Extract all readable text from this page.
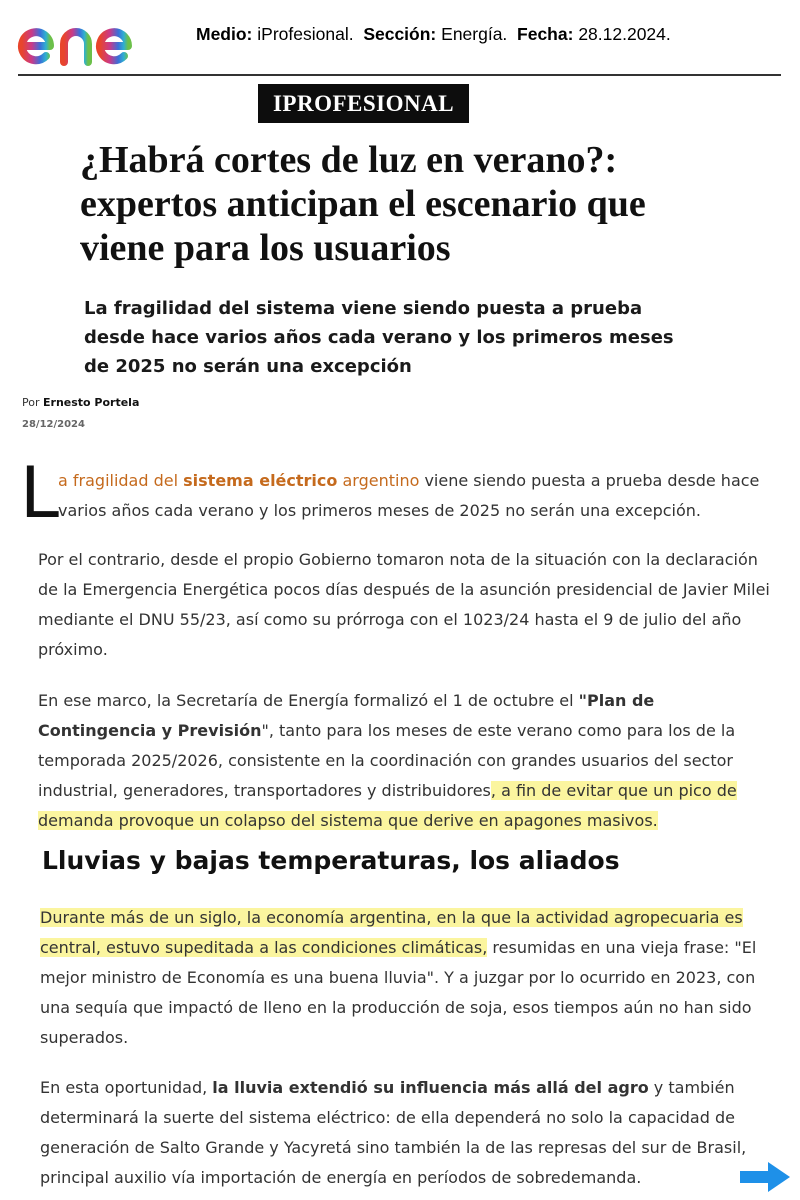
Medio: iProfesional. Sección: Energía. Fecha: 28.12.2024.
IPROFESIONAL
¿Habrá cortes de luz en verano?: expertos anticipan el escenario que viene para los usuarios

La fragilidad del sistema viene siendo puesta a prueba desde hace varios años cada verano y los primeros meses de 2025 no serán una excepción

Por Ernesto Portela
28/12/2024
L a fragilidad del sistema eléctrico argentino viene siendo puesta a prueba desde hace varios años cada verano y los primeros meses de 2025 no serán una excepción.

Por el contrario, desde el propio Gobierno tomaron nota de la situación con la declaración de la Emergencia Energética pocos días después de la asunción presidencial de Javier Milei mediante el DNU 55/23, así como su prórroga con el 1023/24 hasta el 9 de julio del año próximo.

En ese marco, la Secretaría de Energía formalizó el 1 de octubre el "Plan de Contingencia y Previsión", tanto para los meses de este verano como para los de la temporada 2025/2026, consistente en la coordinación con grandes usuarios del sector industrial, generadores, transportadores y distribuidores, a fin de evitar que un pico de demanda provoque un colapso del sistema que derive en apagones masivos.

Lluvias y bajas temperaturas, los aliados

Durante más de un siglo, la economía argentina, en la que la actividad agropecuaria es central, estuvo supeditada a las condiciones climáticas, resumidas en una vieja frase: "El mejor ministro de Economía es una buena lluvia". Y a juzgar por lo ocurrido en 2023, con una sequía que impactó de lleno en la producción de soja, esos tiempos aún no han sido superados.

En esta oportunidad, la lluvia extendió su influencia más allá del agro y también determinará la suerte del sistema eléctrico: de ella dependerá no solo la capacidad de generación de Salto Grande y Yacyretá sino también la de las represas del sur de Brasil, principal auxilio vía importación de energía en períodos de sobredemanda.
